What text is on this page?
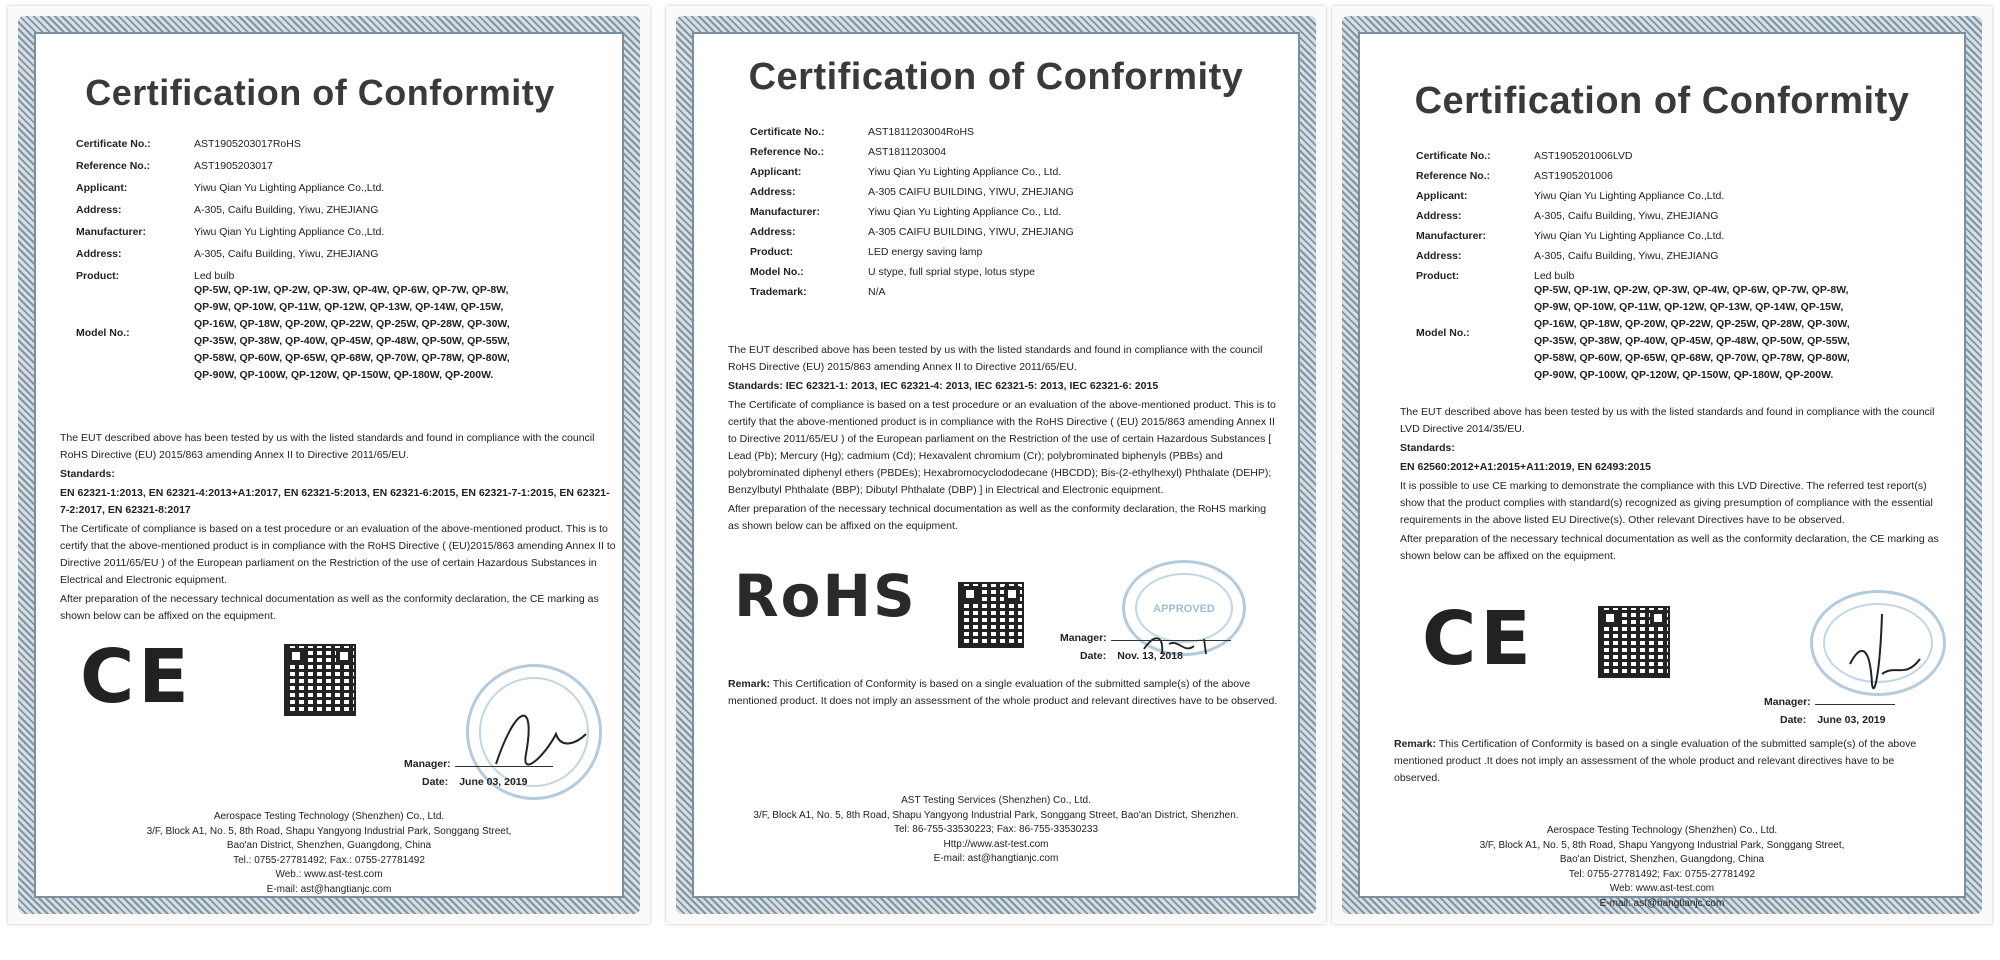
Certification of Conformity
Certificate No.:	AST1905203017RoHS
Reference No.:	AST1905203017
Applicant:	Yiwu Qian Yu Lighting Appliance Co.,Ltd.
Address:	A-305, Caifu Building, Yiwu, ZHEJIANG
Manufacturer:	Yiwu Qian Yu Lighting Appliance Co.,Ltd.
Address:	A-305, Caifu Building, Yiwu, ZHEJIANG
Product:	Led bulb
Model No.:
QP-5W, QP-1W, QP-2W, QP-3W, QP-4W, QP-6W, QP-7W, QP-8W,
QP-9W, QP-10W, QP-11W, QP-12W, QP-13W, QP-14W, QP-15W,
QP-16W, QP-18W, QP-20W, QP-22W, QP-25W, QP-28W, QP-30W,
QP-35W, QP-38W, QP-40W, QP-45W, QP-48W, QP-50W, QP-55W,
QP-58W, QP-60W, QP-65W, QP-68W, QP-70W, QP-78W, QP-80W,
QP-90W, QP-100W, QP-120W, QP-150W, QP-180W, QP-200W.

The EUT described above has been tested by us with the listed standards and found in compliance with the council RoHS Directive (EU) 2015/863 amending Annex II to Directive 2011/65/EU.

Standards:

EN 62321-1:2013, EN 62321-4:2013+A1:2017, EN 62321-5:2013, EN 62321-6:2015, EN 62321-7-1:2015, EN 62321-7-2:2017, EN 62321-8:2017

The Certificate of compliance is based on a test procedure or an evaluation of the above-mentioned product. This is to certify that the above-mentioned product is in compliance with the RoHS Directive ( (EU)2015/863 amending Annex II to Directive 2011/65/EU ) of the European parliament on the Restriction of the use of certain Hazardous Substances in Electrical and Electronic equipment.

After preparation of the necessary technical documentation as well as the conformity declaration, the CE marking as shown below can be affixed on the equipment.

CE
Manager:
Date: June 03, 2019
Aerospace Testing Technology (Shenzhen) Co., Ltd.
3/F, Block A1, No. 5, 8th Road, Shapu Yangyong Industrial Park, Songgang Street,
Bao'an District, Shenzhen, Guangdong, China
Tel.: 0755-27781492; Fax.: 0755-27781492
Web.: www.ast-test.com
E-mail: ast@hangtianjc.com
Certification of Conformity
Certificate No.:	AST1811203004RoHS
Reference No.:	AST1811203004
Applicant:	Yiwu Qian Yu Lighting Appliance Co., Ltd.
Address:	A-305 CAIFU BUILDING, YIWU, ZHEJIANG
Manufacturer:	Yiwu Qian Yu Lighting Appliance Co., Ltd.
Address:	A-305 CAIFU BUILDING, YIWU, ZHEJIANG
Product:	LED energy saving lamp
Model No.:	U stype, full sprial stype, lotus stype
Trademark:	N/A

The EUT described above has been tested by us with the listed standards and found in compliance with the council RoHS Directive (EU) 2015/863 amending Annex II to Directive 2011/65/EU.

Standards: IEC 62321-1: 2013, IEC 62321-4: 2013, IEC 62321-5: 2013, IEC 62321-6: 2015

The Certificate of compliance is based on a test procedure or an evaluation of the above-mentioned product. This is to certify that the above-mentioned product is in compliance with the RoHS Directive ( (EU) 2015/863 amending Annex II to Directive 2011/65/EU ) of the European parliament on the Restriction of the use of certain Hazardous Substances [ Lead (Pb); Mercury (Hg); cadmium (Cd); Hexavalent chromium (Cr); polybrominated biphenyls (PBBs) and polybrominated diphenyl ethers (PBDEs); Hexabromocyclododecane (HBCDD); Bis-(2-ethylhexyl) Phthalate (DEHP); Benzylbutyl Phthalate (BBP); Dibutyl Phthalate (DBP) ] in Electrical and Electronic equipment.

After preparation of the necessary technical documentation as well as the conformity declaration, the RoHS marking as shown below can be affixed on the equipment.

RoHS	APPROVED
Manager:
Date: Nov. 13, 2018

Remark: This Certification of Conformity is based on a single evaluation of the submitted sample(s) of the above mentioned product. It does not imply an assessment of the whole product and relevant directives have to be observed.

AST Testing Services (Shenzhen) Co., Ltd.
3/F, Block A1, No. 5, 8th Road, Shapu Yangyong Industrial Park, Songgang Street, Bao'an District, Shenzhen.
Tel: 86-755-33530223; Fax: 86-755-33530233
Http://www.ast-test.com
E-mail: ast@hangtianjc.com
Certification of Conformity
Certificate No.:	AST1905201006LVD
Reference No.:	AST1905201006
Applicant:	Yiwu Qian Yu Lighting Appliance Co.,Ltd.
Address:	A-305, Caifu Building, Yiwu, ZHEJIANG
Manufacturer:	Yiwu Qian Yu Lighting Appliance Co.,Ltd.
Address:	A-305, Caifu Building, Yiwu, ZHEJIANG
Product:	Led bulb
Model No.:
QP-5W, QP-1W, QP-2W, QP-3W, QP-4W, QP-6W, QP-7W, QP-8W,
QP-9W, QP-10W, QP-11W, QP-12W, QP-13W, QP-14W, QP-15W,
QP-16W, QP-18W, QP-20W, QP-22W, QP-25W, QP-28W, QP-30W,
QP-35W, QP-38W, QP-40W, QP-45W, QP-48W, QP-50W, QP-55W,
QP-58W, QP-60W, QP-65W, QP-68W, QP-70W, QP-78W, QP-80W,
QP-90W, QP-100W, QP-120W, QP-150W, QP-180W, QP-200W.

The EUT described above has been tested by us with the listed standards and found in compliance with the council LVD Directive 2014/35/EU.

Standards:

EN 62560:2012+A1:2015+A11:2019, EN 62493:2015

It is possible to use CE marking to demonstrate the compliance with this LVD Directive. The referred test report(s) show that the product complies with standard(s) recognized as giving presumption of compliance with the essential requirements in the above listed EU Directive(s). Other relevant Directives have to be observed.

After preparation of the necessary technical documentation as well as the conformity declaration, the CE marking as shown below can be affixed on the equipment.

CE
Manager:
Date: June 03, 2019

Remark: This Certification of Conformity is based on a single evaluation of the submitted sample(s) of the above mentioned product .It does not imply an assessment of the whole product and relevant directives have to be observed.

Aerospace Testing Technology (Shenzhen) Co., Ltd.
3/F, Block A1, No. 5, 8th Road, Shapu Yangyong Industrial Park, Songgang Street,
Bao'an District, Shenzhen, Guangdong, China
Tel: 0755-27781492; Fax: 0755-27781492
Web: www.ast-test.com
E-mail: ast@hangtianjc.com
